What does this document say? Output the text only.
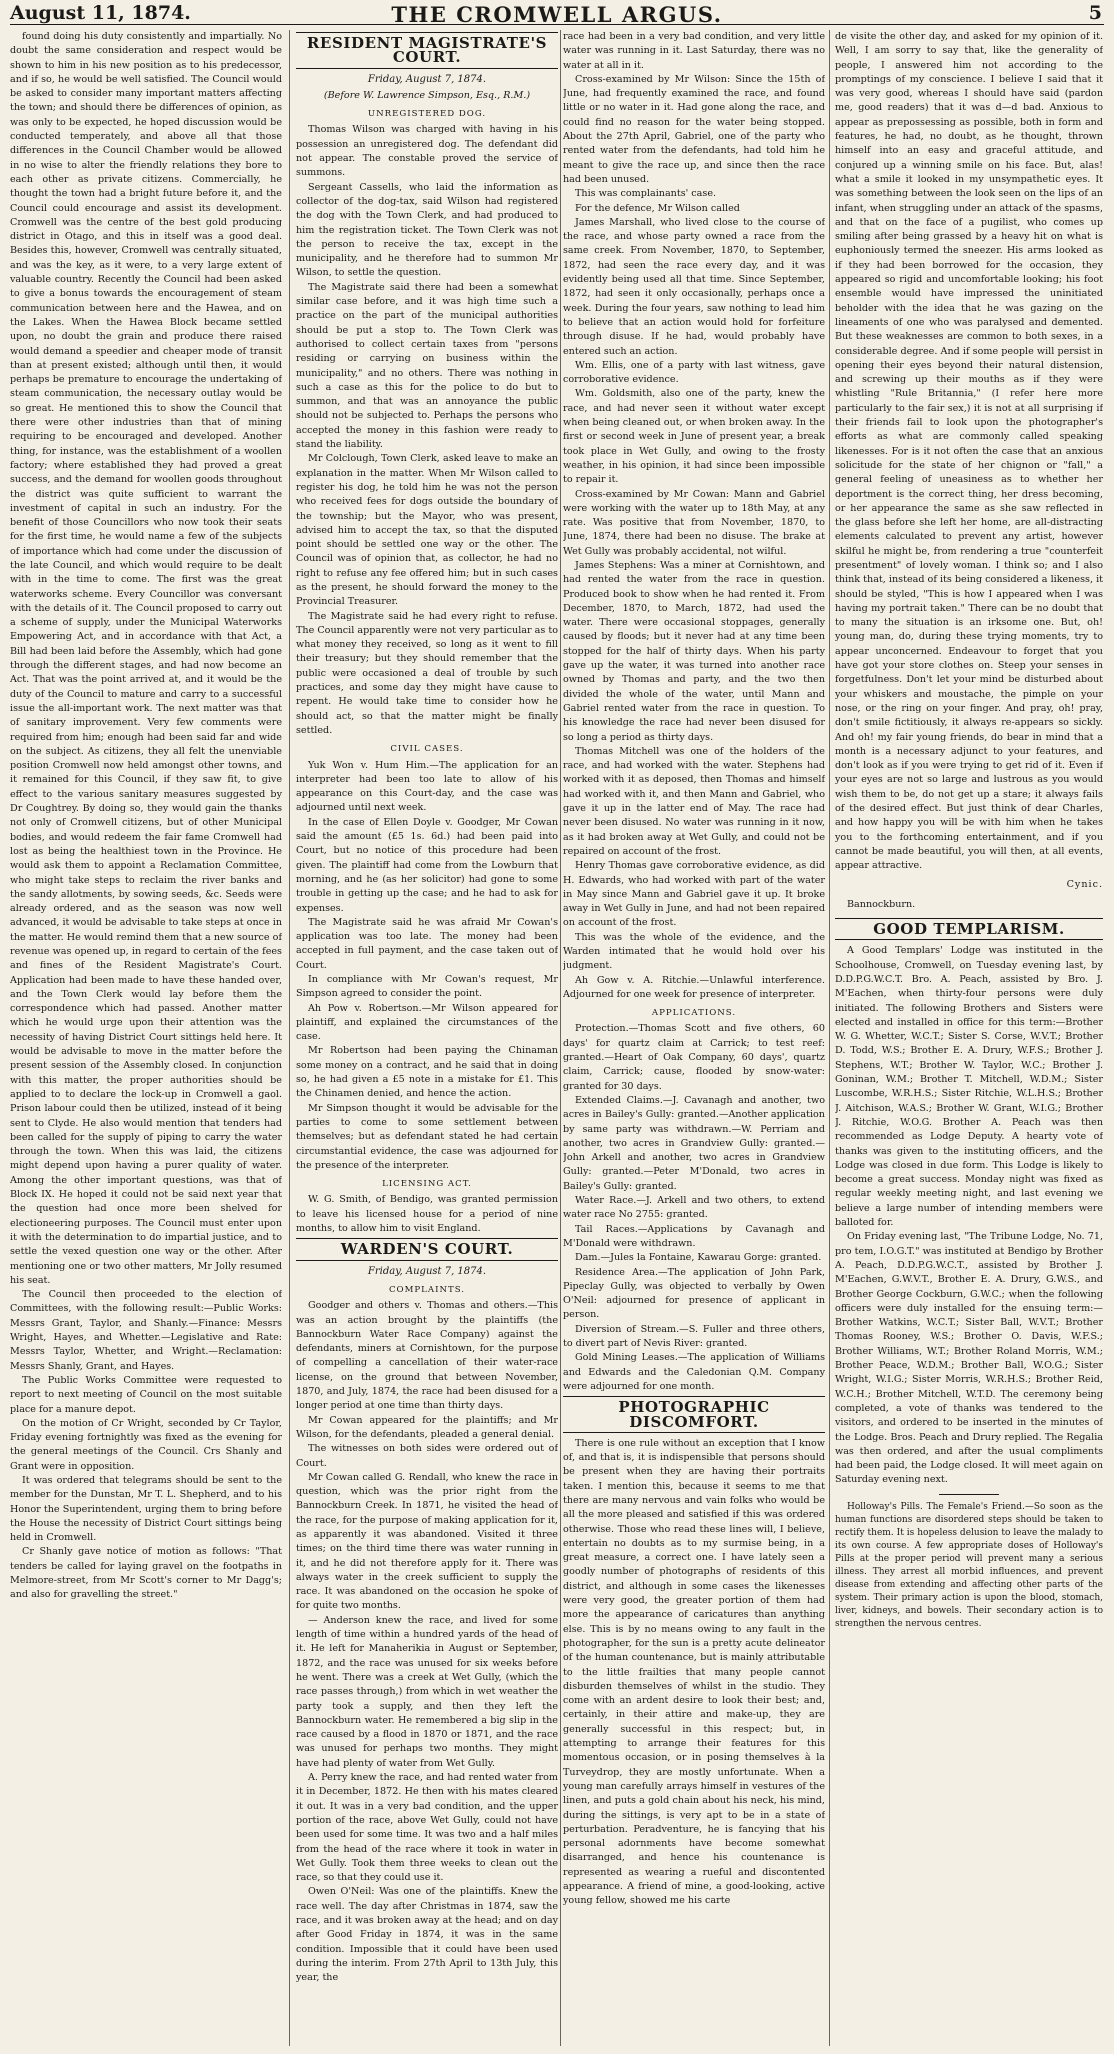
August 11, 1874.	THE CROMWELL ARGUS.	5

found doing his duty consistently and impartially. No doubt the same consideration and respect would be shown to him in his new position as to his predecessor, and if so, he would be well satisfied. The Council would be asked to consider many important matters affecting the town; and should there be differences of opinion, as was only to be expected, he hoped discussion would be conducted temperately, and above all that those differences in the Council Chamber would be allowed in no wise to alter the friendly relations they bore to each other as private citizens. Commercially, he thought the town had a bright future before it, and the Council could encourage and assist its development. Cromwell was the centre of the best gold producing district in Otago, and this in itself was a good deal. Besides this, however, Cromwell was centrally situated, and was the key, as it were, to a very large extent of valuable country. Recently the Council had been asked to give a bonus towards the encouragement of steam communication between here and the Hawea, and on the Lakes. When the Hawea Block became settled upon, no doubt the grain and produce there raised would demand a speedier and cheaper mode of transit than at present existed; although until then, it would perhaps be premature to encourage the undertaking of steam communication, the necessary outlay would be so great. He mentioned this to show the Council that there were other industries than that of mining requiring to be encouraged and developed. Another thing, for instance, was the establishment of a woollen factory; where established they had proved a great success, and the demand for woollen goods throughout the district was quite sufficient to warrant the investment of capital in such an industry. For the benefit of those Councillors who now took their seats for the first time, he would name a few of the subjects of importance which had come under the discussion of the late Council, and which would require to be dealt with in the time to come. The first was the great waterworks scheme. Every Councillor was conversant with the details of it. The Council proposed to carry out a scheme of supply, under the Municipal Waterworks Empowering Act, and in accordance with that Act, a Bill had been laid before the Assembly, which had gone through the different stages, and had now become an Act. That was the point arrived at, and it would be the duty of the Council to mature and carry to a successful issue the all-important work. The next matter was that of sanitary improvement. Very few comments were required from him; enough had been said far and wide on the subject. As citizens, they all felt the unenviable position Cromwell now held amongst other towns, and it remained for this Council, if they saw fit, to give effect to the various sanitary measures suggested by Dr Coughtrey. By doing so, they would gain the thanks not only of Cromwell citizens, but of other Municipal bodies, and would redeem the fair fame Cromwell had lost as being the healthiest town in the Province. He would ask them to appoint a Reclamation Committee, who might take steps to reclaim the river banks and the sandy allotments, by sowing seeds, &c. Seeds were already ordered, and as the season was now well advanced, it would be advisable to take steps at once in the matter. He would remind them that a new source of revenue was opened up, in regard to certain of the fees and fines of the Resident Magistrate's Court. Application had been made to have these handed over, and the Town Clerk would lay before them the correspondence which had passed. Another matter which he would urge upon their attention was the necessity of having District Court sittings held here. It would be advisable to move in the matter before the present session of the Assembly closed. In conjunction with this matter, the proper authorities should be applied to to declare the lock-up in Cromwell a gaol. Prison labour could then be utilized, instead of it being sent to Clyde. He also would mention that tenders had been called for the supply of piping to carry the water through the town. When this was laid, the citizens might depend upon having a purer quality of water. Among the other important questions, was that of Block IX. He hoped it could not be said next year that the question had once more been shelved for electioneering purposes. The Council must enter upon it with the determination to do impartial justice, and to settle the vexed question one way or the other. After mentioning one or two other matters, Mr Jolly resumed his seat.

The Council then proceeded to the election of Committees, with the following result:—Public Works: Messrs Grant, Taylor, and Shanly.—Finance: Messrs Wright, Hayes, and Whetter.—Legislative and Rate: Messrs Taylor, Whetter, and Wright.—Reclamation: Messrs Shanly, Grant, and Hayes.

The Public Works Committee were requested to report to next meeting of Council on the most suitable place for a manure depot.

On the motion of Cr Wright, seconded by Cr Taylor, Friday evening fortnightly was fixed as the evening for the general meetings of the Council. Crs Shanly and Grant were in opposition.

It was ordered that telegrams should be sent to the member for the Dunstan, Mr T. L. Shepherd, and to his Honor the Superintendent, urging them to bring before the House the necessity of District Court sittings being held in Cromwell.

Cr Shanly gave notice of motion as follows: "That tenders be called for laying gravel on the footpaths in Melmore-street, from Mr Scott's corner to Mr Dagg's; and also for gravelling the street."

RESIDENT MAGISTRATE'S COURT.

Friday, August 7, 1874.

(Before W. Lawrence Simpson, Esq., R.M.)

UNREGISTERED DOG.

Thomas Wilson was charged with having in his possession an unregistered dog. The defendant did not appear. The constable proved the service of summons.

Sergeant Cassells, who laid the information as collector of the dog-tax, said Wilson had registered the dog with the Town Clerk, and had produced to him the registration ticket. The Town Clerk was not the person to receive the tax, except in the municipality, and he therefore had to summon Mr Wilson, to settle the question.

The Magistrate said there had been a somewhat similar case before, and it was high time such a practice on the part of the municipal authorities should be put a stop to. The Town Clerk was authorised to collect certain taxes from "persons residing or carrying on business within the municipality," and no others. There was nothing in such a case as this for the police to do but to summon, and that was an annoyance the public should not be subjected to. Perhaps the persons who accepted the money in this fashion were ready to stand the liability.

Mr Colclough, Town Clerk, asked leave to make an explanation in the matter. When Mr Wilson called to register his dog, he told him he was not the person who received fees for dogs outside the boundary of the township; but the Mayor, who was present, advised him to accept the tax, so that the disputed point should be settled one way or the other. The Council was of opinion that, as collector, he had no right to refuse any fee offered him; but in such cases as the present, he should forward the money to the Provincial Treasurer.

The Magistrate said he had every right to refuse. The Council apparently were not very particular as to what money they received, so long as it went to fill their treasury; but they should remember that the public were occasioned a deal of trouble by such practices, and some day they might have cause to repent. He would take time to consider how he should act, so that the matter might be finally settled.

CIVIL CASES.

Yuk Won v. Hum Him.—The application for an interpreter had been too late to allow of his appearance on this Court-day, and the case was adjourned until next week.

In the case of Ellen Doyle v. Goodger, Mr Cowan said the amount (£5 1s. 6d.) had been paid into Court, but no notice of this procedure had been given. The plaintiff had come from the Lowburn that morning, and he (as her solicitor) had gone to some trouble in getting up the case; and he had to ask for expenses.

The Magistrate said he was afraid Mr Cowan's application was too late. The money had been accepted in full payment, and the case taken out of Court.

In compliance with Mr Cowan's request, Mr Simpson agreed to consider the point.

Ah Pow v. Robertson.—Mr Wilson appeared for plaintiff, and explained the circumstances of the case.

Mr Robertson had been paying the Chinaman some money on a contract, and he said that in doing so, he had given a £5 note in a mistake for £1. This the Chinamen denied, and hence the action.

Mr Simpson thought it would be advisable for the parties to come to some settlement between themselves; but as defendant stated he had certain circumstantial evidence, the case was adjourned for the presence of the interpreter.

LICENSING ACT.

W. G. Smith, of Bendigo, was granted permission to leave his licensed house for a period of nine months, to allow him to visit England.

WARDEN'S COURT.

Friday, August 7, 1874.

COMPLAINTS.

Goodger and others v. Thomas and others.—This was an action brought by the plaintiffs (the Bannockburn Water Race Company) against the defendants, miners at Cornishtown, for the purpose of compelling a cancellation of their water-race license, on the ground that between November, 1870, and July, 1874, the race had been disused for a longer period at one time than thirty days.

Mr Cowan appeared for the plaintiffs; and Mr Wilson, for the defendants, pleaded a general denial.

The witnesses on both sides were ordered out of Court.

Mr Cowan called G. Rendall, who knew the race in question, which was the prior right from the Bannockburn Creek. In 1871, he visited the head of the race, for the purpose of making application for it, as apparently it was abandoned. Visited it three times; on the third time there was water running in it, and he did not therefore apply for it. There was always water in the creek sufficient to supply the race. It was abandoned on the occasion he spoke of for quite two months.

— Anderson knew the race, and lived for some length of time within a hundred yards of the head of it. He left for Manaherikia in August or September, 1872, and the race was unused for six weeks before he went. There was a creek at Wet Gully, (which the race passes through,) from which in wet weather the party took a supply, and then they left the Bannockburn water. He remembered a big slip in the race caused by a flood in 1870 or 1871, and the race was unused for perhaps two months. They might have had plenty of water from Wet Gully.

A. Perry knew the race, and had rented water from it in December, 1872. He then with his mates cleared it out. It was in a very bad condition, and the upper portion of the race, above Wet Gully, could not have been used for some time. It was two and a half miles from the head of the race where it took in water in Wet Gully. Took them three weeks to clean out the race, so that they could use it.

Owen O'Neil: Was one of the plaintiffs. Knew the race well. The day after Christmas in 1874, saw the race, and it was broken away at the head; and on day after Good Friday in 1874, it was in the same condition. Impossible that it could have been used during the interim. From 27th April to 13th July, this year, the

race had been in a very bad condition, and very little water was running in it. Last Saturday, there was no water at all in it.

Cross-examined by Mr Wilson: Since the 15th of June, had frequently examined the race, and found little or no water in it. Had gone along the race, and could find no reason for the water being stopped. About the 27th April, Gabriel, one of the party who rented water from the defendants, had told him he meant to give the race up, and since then the race had been unused.

This was complainants' case.

For the defence, Mr Wilson called

James Marshall, who lived close to the course of the race, and whose party owned a race from the same creek. From November, 1870, to September, 1872, had seen the race every day, and it was evidently being used all that time. Since September, 1872, had seen it only occasionally, perhaps once a week. During the four years, saw nothing to lead him to believe that an action would hold for forfeiture through disuse. If he had, would probably have entered such an action.

Wm. Ellis, one of a party with last witness, gave corroborative evidence.

Wm. Goldsmith, also one of the party, knew the race, and had never seen it without water except when being cleaned out, or when broken away. In the first or second week in June of present year, a break took place in Wet Gully, and owing to the frosty weather, in his opinion, it had since been impossible to repair it.

Cross-examined by Mr Cowan: Mann and Gabriel were working with the water up to 18th May, at any rate. Was positive that from November, 1870, to June, 1874, there had been no disuse. The brake at Wet Gully was probably accidental, not wilful.

James Stephens: Was a miner at Cornishtown, and had rented the water from the race in question. Produced book to show when he had rented it. From December, 1870, to March, 1872, had used the water. There were occasional stoppages, generally caused by floods; but it never had at any time been stopped for the half of thirty days. When his party gave up the water, it was turned into another race owned by Thomas and party, and the two then divided the whole of the water, until Mann and Gabriel rented water from the race in question. To his knowledge the race had never been disused for so long a period as thirty days.

Thomas Mitchell was one of the holders of the race, and had worked with the water. Stephens had worked with it as deposed, then Thomas and himself had worked with it, and then Mann and Gabriel, who gave it up in the latter end of May. The race had never been disused. No water was running in it now, as it had broken away at Wet Gully, and could not be repaired on account of the frost.

Henry Thomas gave corroborative evidence, as did H. Edwards, who had worked with part of the water in May since Mann and Gabriel gave it up. It broke away in Wet Gully in June, and had not been repaired on account of the frost.

This was the whole of the evidence, and the Warden intimated that he would hold over his judgment.

Ah Gow v. A. Ritchie.—Unlawful interference. Adjourned for one week for presence of interpreter.

APPLICATIONS.

Protection.—Thomas Scott and five others, 60 days' for quartz claim at Carrick; to test reef: granted.—Heart of Oak Company, 60 days', quartz claim, Carrick; cause, flooded by snow-water: granted for 30 days.

Extended Claims.—J. Cavanagh and another, two acres in Bailey's Gully: granted.—Another application by same party was withdrawn.—W. Perriam and another, two acres in Grandview Gully: granted.—John Arkell and another, two acres in Grandview Gully: granted.—Peter M'Donald, two acres in Bailey's Gully: granted.

Water Race.—J. Arkell and two others, to extend water race No 2755: granted.

Tail Races.—Applications by Cavanagh and M'Donald were withdrawn.

Dam.—Jules la Fontaine, Kawarau Gorge: granted.

Residence Area.—The application of John Park, Pipeclay Gully, was objected to verbally by Owen O'Neil: adjourned for presence of applicant in person.

Diversion of Stream.—S. Fuller and three others, to divert part of Nevis River: granted.

Gold Mining Leases.—The application of Williams and Edwards and the Caledonian Q.M. Company were adjourned for one month.

PHOTOGRAPHIC DISCOMFORT.

There is one rule without an exception that I know of, and that is, it is indispensible that persons should be present when they are having their portraits taken. I mention this, because it seems to me that there are many nervous and vain folks who would be all the more pleased and satisfied if this was ordered otherwise. Those who read these lines will, I believe, entertain no doubts as to my surmise being, in a great measure, a correct one. I have lately seen a goodly number of photographs of residents of this district, and although in some cases the likenesses were very good, the greater portion of them had more the appearance of caricatures than anything else. This is by no means owing to any fault in the photographer, for the sun is a pretty acute delineator of the human countenance, but is mainly attributable to the little frailties that many people cannot disburden themselves of whilst in the studio. They come with an ardent desire to look their best; and, certainly, in their attire and make-up, they are generally successful in this respect; but, in attempting to arrange their features for this momentous occasion, or in posing themselves à la Turveydrop, they are mostly unfortunate. When a young man carefully arrays himself in vestures of the linen, and puts a gold chain about his neck, his mind, during the sittings, is very apt to be in a state of perturbation. Peradventure, he is fancying that his personal adornments have become somewhat disarranged, and hence his countenance is represented as wearing a rueful and discontented appearance. A friend of mine, a good-looking, active young fellow, showed me his carte

de visite the other day, and asked for my opinion of it. Well, I am sorry to say that, like the generality of people, I answered him not according to the promptings of my conscience. I believe I said that it was very good, whereas I should have said (pardon me, good readers) that it was d—d bad. Anxious to appear as prepossessing as possible, both in form and features, he had, no doubt, as he thought, thrown himself into an easy and graceful attitude, and conjured up a winning smile on his face. But, alas! what a smile it looked in my unsympathetic eyes. It was something between the look seen on the lips of an infant, when struggling under an attack of the spasms, and that on the face of a pugilist, who comes up smiling after being grassed by a heavy hit on what is euphoniously termed the sneezer. His arms looked as if they had been borrowed for the occasion, they appeared so rigid and uncomfortable looking; his foot ensemble would have impressed the uninitiated beholder with the idea that he was gazing on the lineaments of one who was paralysed and demented. But these weaknesses are common to both sexes, in a considerable degree. And if some people will persist in opening their eyes beyond their natural distension, and screwing up their mouths as if they were whistling "Rule Britannia," (I refer here more particularly to the fair sex,) it is not at all surprising if their friends fail to look upon the photographer's efforts as what are commonly called speaking likenesses. For is it not often the case that an anxious solicitude for the state of her chignon or "fall," a general feeling of uneasiness as to whether her deportment is the correct thing, her dress becoming, or her appearance the same as she saw reflected in the glass before she left her home, are all-distracting elements calculated to prevent any artist, however skilful he might be, from rendering a true "counterfeit presentment" of lovely woman. I think so; and I also think that, instead of its being considered a likeness, it should be styled, "This is how I appeared when I was having my portrait taken." There can be no doubt that to many the situation is an irksome one. But, oh! young man, do, during these trying moments, try to appear unconcerned. Endeavour to forget that you have got your store clothes on. Steep your senses in forgetfulness. Don't let your mind be disturbed about your whiskers and moustache, the pimple on your nose, or the ring on your finger. And pray, oh! pray, don't smile fictitiously, it always re-appears so sickly. And oh! my fair young friends, do bear in mind that a month is a necessary adjunct to your features, and don't look as if you were trying to get rid of it. Even if your eyes are not so large and lustrous as you would wish them to be, do not get up a stare; it always fails of the desired effect. But just think of dear Charles, and how happy you will be with him when he takes you to the forthcoming entertainment, and if you cannot be made beautiful, you will then, at all events, appear attractive.

Cynic.

Bannockburn.

GOOD TEMPLARISM.

A Good Templars' Lodge was instituted in the Schoolhouse, Cromwell, on Tuesday evening last, by D.D.P.G.W.C.T. Bro. A. Peach, assisted by Bro. J. M'Eachen, when thirty-four persons were duly initiated. The following Brothers and Sisters were elected and installed in office for this term:—Brother W. G. Whetter, W.C.T.; Sister S. Corse, W.V.T.; Brother D. Todd, W.S.; Brother E. A. Drury, W.F.S.; Brother J. Stephens, W.T.; Brother W. Taylor, W.C.; Brother J. Goninan, W.M.; Brother T. Mitchell, W.D.M.; Sister Luscombe, W.R.H.S.; Sister Ritchie, W.L.H.S.; Brother J. Aitchison, W.A.S.; Brother W. Grant, W.I.G.; Brother J. Ritchie, W.O.G. Brother A. Peach was then recommended as Lodge Deputy. A hearty vote of thanks was given to the instituting officers, and the Lodge was closed in due form. This Lodge is likely to become a great success. Monday night was fixed as regular weekly meeting night, and last evening we believe a large number of intending members were balloted for.

On Friday evening last, "The Tribune Lodge, No. 71, pro tem, I.O.G.T." was instituted at Bendigo by Brother A. Peach, D.D.P.G.W.C.T., assisted by Brother J. M'Eachen, G.W.V.T., Brother E. A. Drury, G.W.S., and Brother George Cockburn, G.W.C.; when the following officers were duly installed for the ensuing term:—Brother Watkins, W.C.T.; Sister Ball, W.V.T.; Brother Thomas Rooney, W.S.; Brother O. Davis, W.F.S.; Brother Williams, W.T.; Brother Roland Morris, W.M.; Brother Peace, W.D.M.; Brother Ball, W.O.G.; Sister Wright, W.I.G.; Sister Morris, W.R.H.S.; Brother Reid, W.C.H.; Brother Mitchell, W.T.D. The ceremony being completed, a vote of thanks was tendered to the visitors, and ordered to be inserted in the minutes of the Lodge. Bros. Peach and Drury replied. The Regalia was then ordered, and after the usual compliments had been paid, the Lodge closed. It will meet again on Saturday evening next.

Holloway's Pills. The Female's Friend.—So soon as the human functions are disordered steps should be taken to rectify them. It is hopeless delusion to leave the malady to its own course. A few appropriate doses of Holloway's Pills at the proper period will prevent many a serious illness. They arrest all morbid influences, and prevent disease from extending and affecting other parts of the system. Their primary action is upon the blood, stomach, liver, kidneys, and bowels. Their secondary action is to strengthen the nervous centres.
